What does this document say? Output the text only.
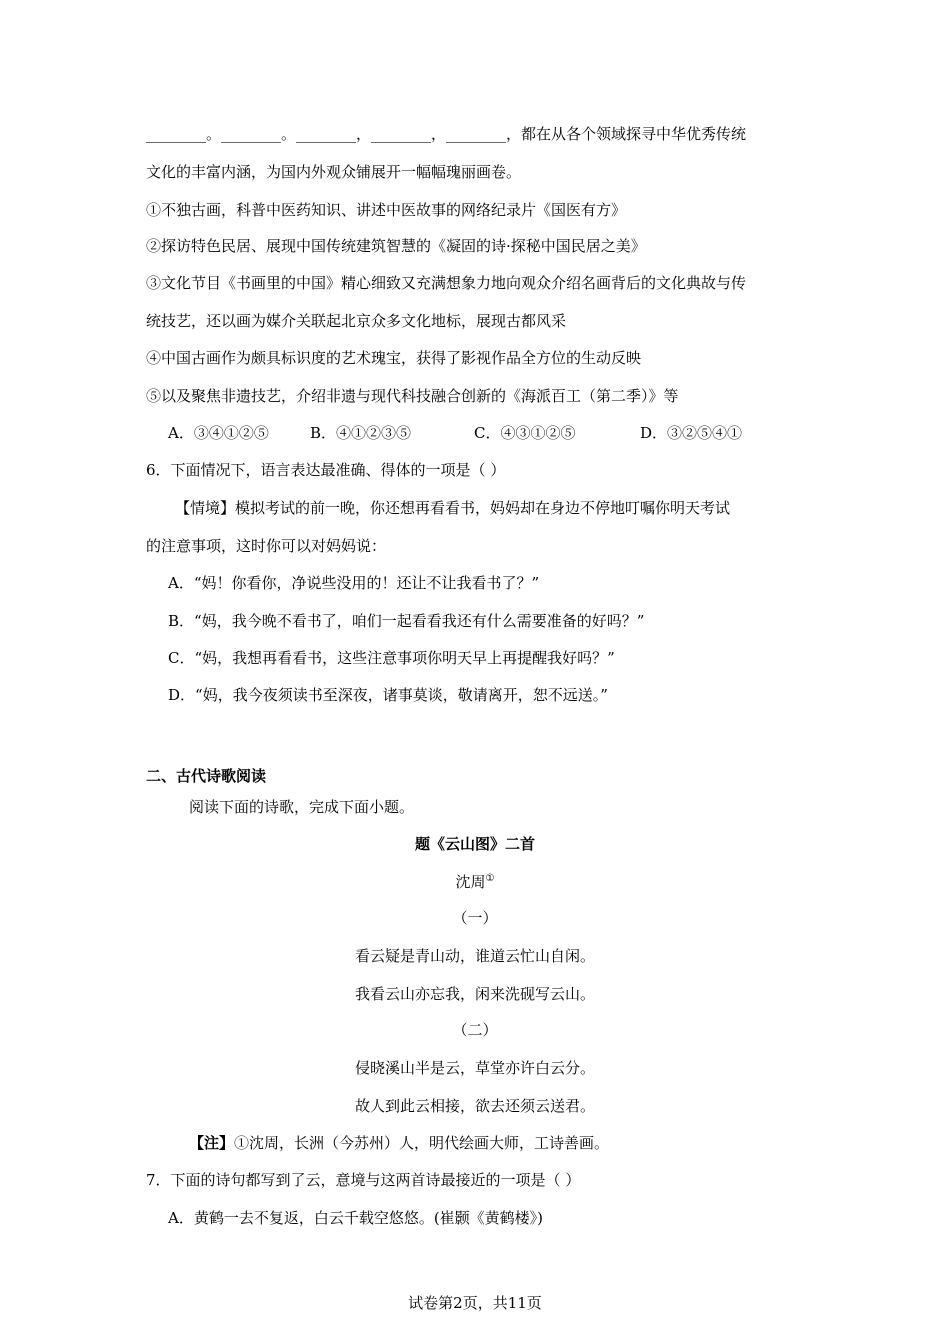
________。________。________，________，________，都在从各个领域探寻中华优秀传统
文化的丰富内涵，为国内外观众铺展开一幅幅瑰丽画卷。
①不独古画，科普中医药知识、讲述中医故事的网络纪录片《国医有方》
②探访特色民居、展现中国传统建筑智慧的《凝固的诗·探秘中国民居之美》
③文化节目《书画里的中国》精心细致又充满想象力地向观众介绍名画背后的文化典故与传
统技艺，还以画为媒介关联起北京众多文化地标，展现古都风采
④中国古画作为颇具标识度的艺术瑰宝，获得了影视作品全方位的生动反映
⑤以及聚焦非遗技艺，介绍非遗与现代科技融合创新的《海派百工（第二季）》等
A．③④①②⑤	B．④①②③⑤	C．④③①②⑤	D．③②⑤④①
6．下面情况下，语言表达最准确、得体的一项是（ ）
【情境】模拟考试的前一晚，你还想再看看书，妈妈却在身边不停地叮嘱你明天考试
的注意事项，这时你可以对妈妈说：
A．“妈！你看你，净说些没用的！还让不让我看书了？”
B．“妈，我今晚不看书了，咱们一起看看我还有什么需要准备的好吗？”
C．“妈，我想再看看书，这些注意事项你明天早上再提醒我好吗？”
D．“妈，我今夜须读书至深夜，诸事莫谈，敬请离开，恕不远送。”
二、古代诗歌阅读
阅读下面的诗歌，完成下面小题。
题《云山图》二首
沈周①
（一）
看云疑是青山动，谁道云忙山自闲。
我看云山亦忘我，闲来洗砚写云山。
（二）
侵晓溪山半是云，草堂亦许白云分。
故人到此云相接，欲去还须云送君。
【注】①沈周，长洲（今苏州）人，明代绘画大师，工诗善画。
7．下面的诗句都写到了云，意境与这两首诗最接近的一项是（ ）
A．黄鹤一去不复返，白云千载空悠悠。(崔颢《黄鹤楼》)
试卷第2页，共11页
